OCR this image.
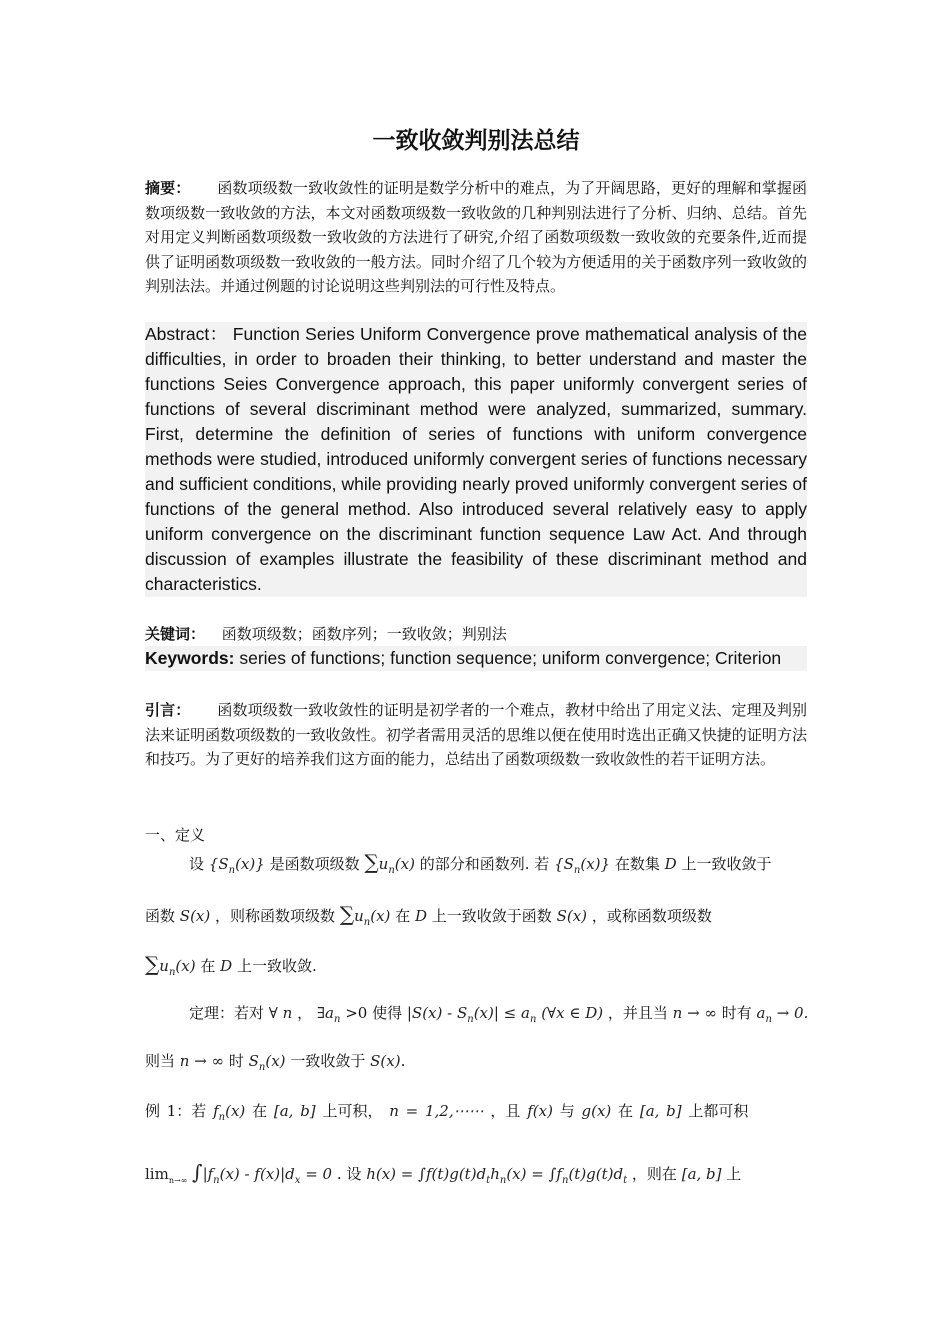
一致收敛判别法总结
摘要： 函数项级数一致收敛性的证明是数学分析中的难点，为了开阔思路，更好的理解和掌握函数项级数一致收敛的方法，本文对函数项级数一致收敛的几种判别法进行了分析、归纳、总结。首先对用定义判断函数项级数一致收敛的方法进行了研究,介绍了函数项级数一致收敛的充要条件,近而提供了证明函数项级数一致收敛的一般方法。同时介绍了几个较为方便适用的关于函数序列一致收敛的判别法法。并通过例题的讨论说明这些判别法的可行性及特点。
Abstract： Function Series Uniform Convergence prove mathematical analysis of the difficulties, in order to broaden their thinking, to better understand and master the functions Seies Convergence approach, this paper uniformly convergent series of functions of several discriminant method were analyzed, summarized, summary. First, determine the definition of series of functions with uniform convergence methods were studied, introduced uniformly convergent series of functions necessary and sufficient conditions, while providing nearly proved uniformly convergent series of functions of the general method. Also introduced several relatively easy to apply uniform convergence on the discriminant function sequence Law Act. And through discussion of examples illustrate the feasibility of these discriminant method and characteristics.
关键词： 函数项级数；函数序列；一致收敛；判别法
Keywords: series of functions; function sequence; uniform convergence; Criterion
引言： 函数项级数一致收敛性的证明是初学者的一个难点，教材中给出了用定义法、定理及判别法来证明函数项级数的一致收敛性。初学者需用灵活的思维以便在使用时选出正确又快捷的证明方法和技巧。为了更好的培养我们这方面的能力，总结出了函数项级数一致收敛性的若干证明方法。
一、定义
设 $\{S_n(x)\}$ 是函数项级数 $\sum u_n(x)$ 的部分和函数列. 若 $\{S_n(x)\}$ 在数集 D 上一致收敛于
函数 S(x) ，则称函数项级数 $\sum u_n(x)$ 在 D 上一致收敛于函数 S(x) ，或称函数项级数
$\sum u_n(x)$ 在 D 上一致收敛.
定理：若对 ∀ n ， $\exists a_n >0$ 使得 $|S(x) - S_n(x)| \le a_n$ (∀x ∈ D) ，并且当 n → ∞ 时有 $a_n \to 0$.
则当 n → ∞ 时 $S_n(x)$ 一致收敛于 S(x).
例 1：若 $f_n(x)$ 在 [a, b] 上可积， n = 1,2,⋯⋯ ，且 f(x) 与 g(x) 在 [a, b] 上都可积
$\lim_{n\to\infty} \int|f_n(x) - f(x)|d_x = 0$ . 设 $h(x) = \int f(t)g(t)d_th_n(x) = \int f_n(t)g(t)d_t$ ，则在 [a, b] 上
